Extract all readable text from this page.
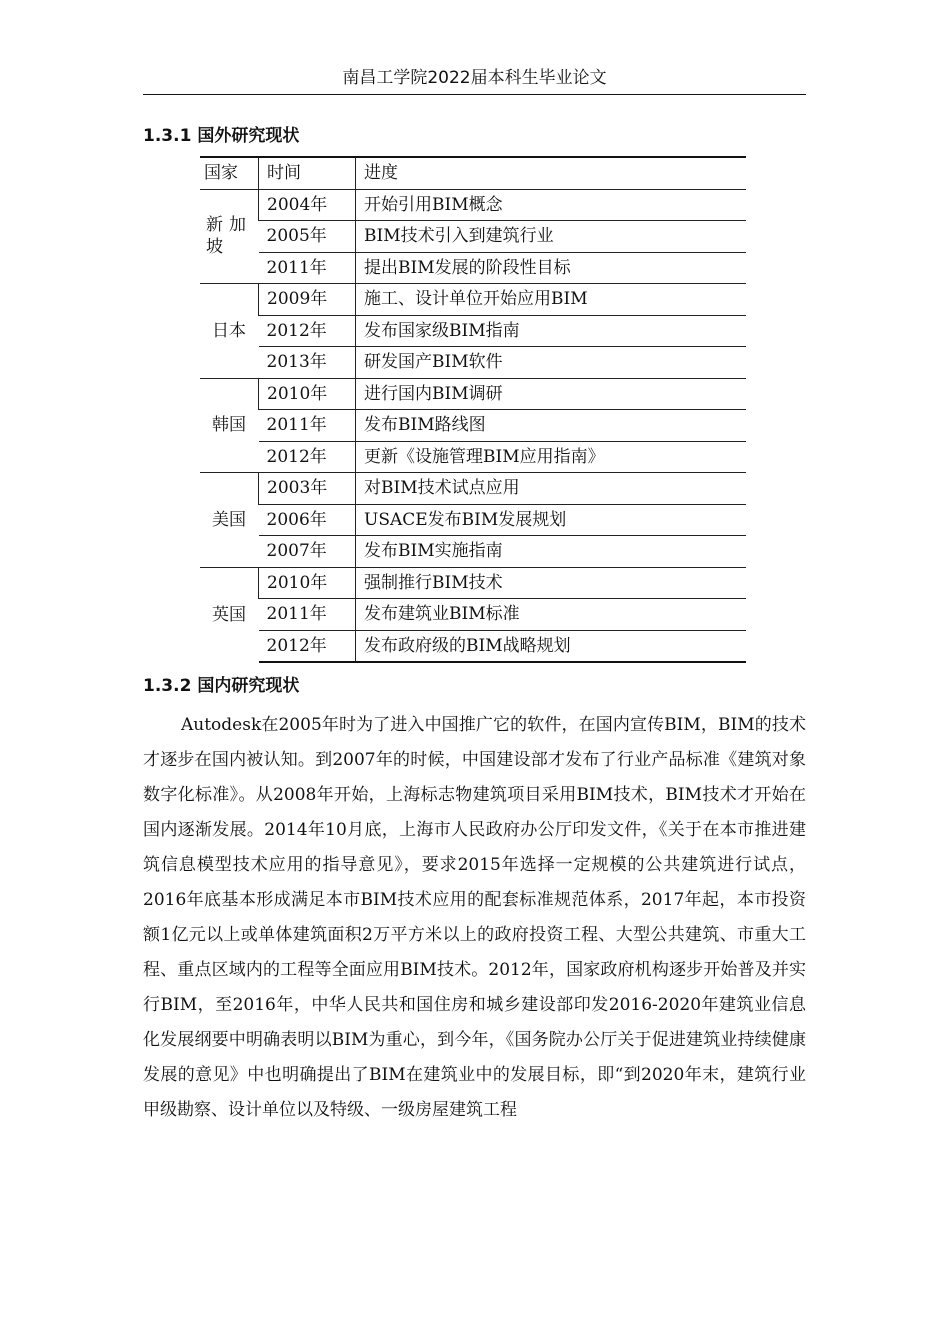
南昌工学院2022届本科生毕业论文
1.3.1 国外研究现状
国家	时间	进度
新加坡	2004年	开始引用BIM概念
	2005年	BIM技术引入到建筑行业
	2011年	提出BIM发展的阶段性目标
日本	2009年	施工、设计单位开始应用BIM
	2012年	发布国家级BIM指南
	2013年	研发国产BIM软件
韩国	2010年	进行国内BIM调研
	2011年	发布BIM路线图
	2012年	更新《设施管理BIM应用指南》
美国	2003年	对BIM技术试点应用
	2006年	USACE发布BIM发展规划
	2007年	发布BIM实施指南
英国	2010年	强制推行BIM技术
	2011年	发布建筑业BIM标准
	2012年	发布政府级的BIM战略规划
1.3.2 国内研究现状

Autodesk在2005年时为了进入中国推广它的软件，在国内宣传BIM，BIM的技术才逐步在国内被认知。到2007年的时候，中国建设部才发布了行业产品标准《建筑对象数字化标准》。从2008年开始，上海标志物建筑项目采用BIM技术，BIM技术才开始在国内逐渐发展。2014年10月底，上海市人民政府办公厅印发文件，《关于在本市推进建筑信息模型技术应用的指导意见》，要求2015年选择一定规模的公共建筑进行试点，2016年底基本形成满足本市BIM技术应用的配套标准规范体系，2017年起，本市投资额1亿元以上或单体建筑面积2万平方米以上的政府投资工程、大型公共建筑、市重大工程、重点区域内的工程等全面应用BIM技术。2012年，国家政府机构逐步开始普及并实行BIM，至2016年，中华人民共和国住房和城乡建设部印发2016-2020年建筑业信息化发展纲要中明确表明以BIM为重心，到今年，《国务院办公厅关于促进建筑业持续健康发展的意见》中也明确提出了BIM在建筑业中的发展目标，即“到2020年末，建筑行业甲级勘察、设计单位以及特级、一级房屋建筑工程
